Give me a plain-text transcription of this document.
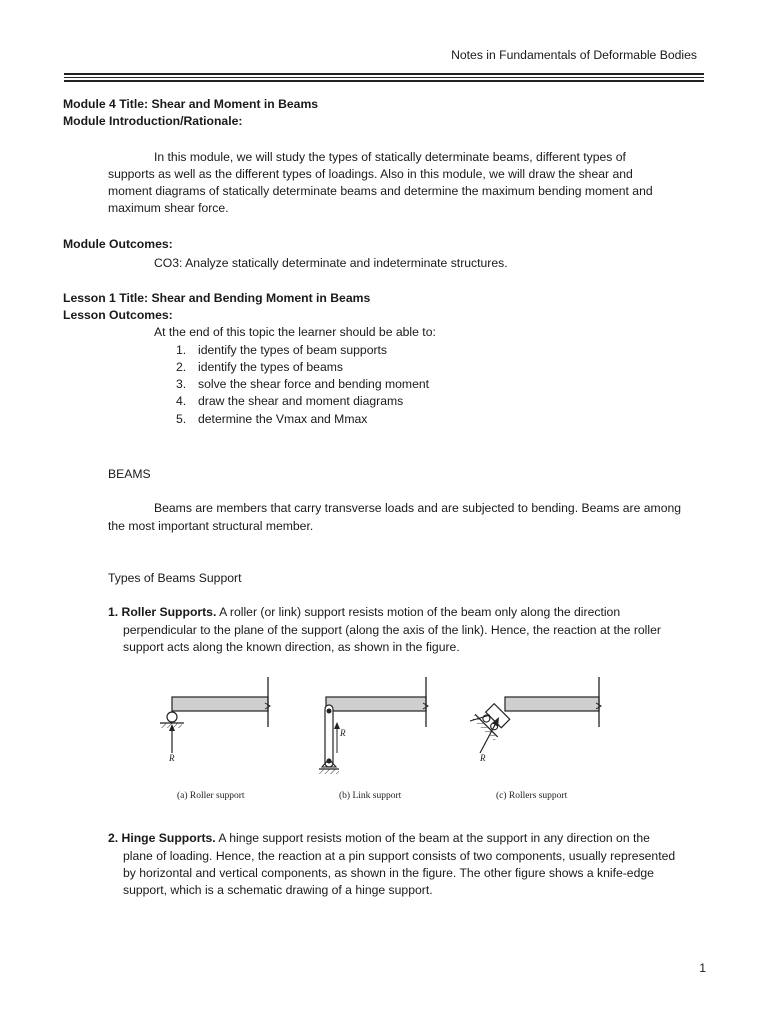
Notes in Fundamentals of Deformable Bodies
Module 4 Title: Shear and Moment in Beams
Module Introduction/Rationale:
In this module, we will study the types of statically determinate beams, different types of
supports as well as the different types of loadings. Also in this module, we will draw the shear and
moment diagrams of statically determinate beams and determine the maximum bending moment and
maximum shear force.
Module Outcomes:
CO3: Analyze statically determinate and indeterminate structures.
Lesson 1 Title: Shear and Bending Moment in Beams
Lesson Outcomes:
At the end of this topic the learner should be able to:
1. identify the types of beam supports
2. identify the types of beams
3. solve the shear force and bending moment
4. draw the shear and moment diagrams
5. determine the Vmax and Mmax
BEAMS
Beams are members that carry transverse loads and are subjected to bending. Beams are among
the most important structural member.
Types of Beams Support
1. Roller Supports. A roller (or link) support resists motion of the beam only along the direction
perpendicular to the plane of the support (along the axis of the link). Hence, the reaction at the roller
support acts along the known direction, as shown in the figure.
R
R
R
(a) Roller support	(b) Link support	(c) Rollers support
2. Hinge Supports. A hinge support resists motion of the beam at the support in any direction on the
plane of loading. Hence, the reaction at a pin support consists of two components, usually represented
by horizontal and vertical components, as shown in the figure. The other figure shows a knife-edge
support, which is a schematic drawing of a hinge support.
1
